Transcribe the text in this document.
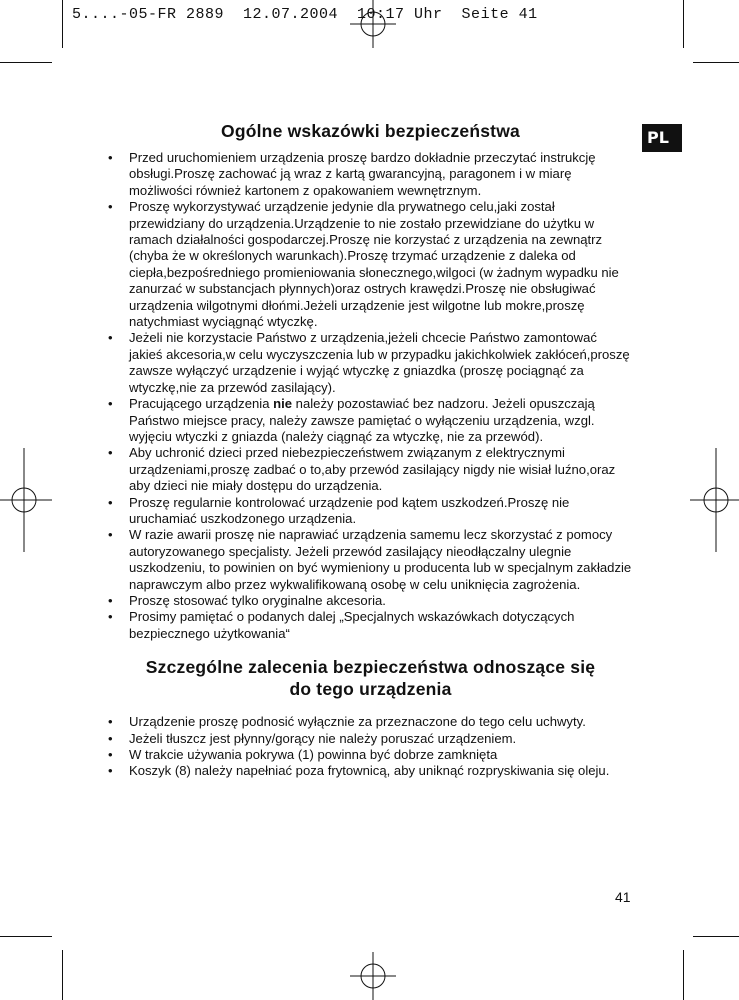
5....-05-FR 2889  12.07.2004  10:17 Uhr  Seite 41
PL
Ogólne wskazówki bezpieczeństwa
• Przed uruchomieniem urządzenia proszę bardzo dokładnie przeczytać instrukcję obsługi.Proszę zachować ją wraz z kartą gwarancyjną, paragonem i w miarę możliwości również kartonem z opakowaniem wewnętrznym.
• Proszę wykorzystywać urządzenie jedynie dla prywatnego celu,jaki został przewidziany do urządzenia.Urządzenie to nie zostało przewidziane do użytku w ramach działalności gospodarczej.Proszę nie korzystać z urządzenia na zewnątrz (chyba że w określonych warunkach).Proszę trzymać urządzenie z daleka od ciepła,bezpośredniego promieniowania słonecznego,wilgoci (w żadnym wypadku nie zanurzać w substancjach płynnych)oraz ostrych krawędzi.Proszę nie obsługiwać urządzenia wilgotnymi dłońmi.Jeżeli urządzenie jest wilgotne lub mokre,proszę natychmiast wyciągnąć wtyczkę.
• Jeżeli nie korzystacie Państwo z urządzenia,jeżeli chcecie Państwo zamontować jakieś akcesoria,w celu wyczyszczenia lub w przypadku jakichkolwiek zakłóceń,proszę zawsze wyłączyć urządzenie i wyjąć wtyczkę z gniazdka (proszę pociągnąć za wtyczkę,nie za przewód zasilający).
• Pracującego urządzenia nie należy pozostawiać bez nadzoru. Jeżeli opuszczają Państwo miejsce pracy, należy zawsze pamiętać o wyłączeniu urządzenia, wzgl. wyjęciu wtyczki z gniazda (należy ciągnąć za wtyczkę, nie za przewód).
• Aby uchronić dzieci przed niebezpieczeństwem związanym z elektrycznymi urządzeniami,proszę zadbać o to,aby przewód zasilający nigdy nie wisiał luźno,oraz aby dzieci nie miały dostępu do urządzenia.
• Proszę regularnie kontrolować urządzenie pod kątem uszkodzeń.Proszę nie uruchamiać uszkodzonego urządzenia.
• W razie awarii proszę nie naprawiać urządzenia samemu lecz skorzystać z pomocy autoryzowanego specjalisty. Jeżeli przewód zasilający nieodłączalny ulegnie uszkodzeniu, to powinien on być wymieniony u producenta lub w specjalnym zakładzie naprawczym albo przez wykwalifikowaną osobę w celu uniknięcia zagrożenia.
• Proszę stosować tylko oryginalne akcesoria.
• Prosimy pamiętać o podanych dalej „Specjalnych wskazówkach dotyczących bezpiecznego użytkowania“
Szczególne zalecenia bezpieczeństwa odnoszące się
do tego urządzenia
• Urządzenie proszę podnosić wyłącznie za przeznaczone do tego celu uchwyty.
• Jeżeli tłuszcz jest płynny/gorący nie należy poruszać urządzeniem.
• W trakcie używania pokrywa (1) powinna być dobrze zamknięta
• Koszyk (8) należy napełniać poza frytownicą, aby uniknąć rozpryskiwania się oleju.
41
